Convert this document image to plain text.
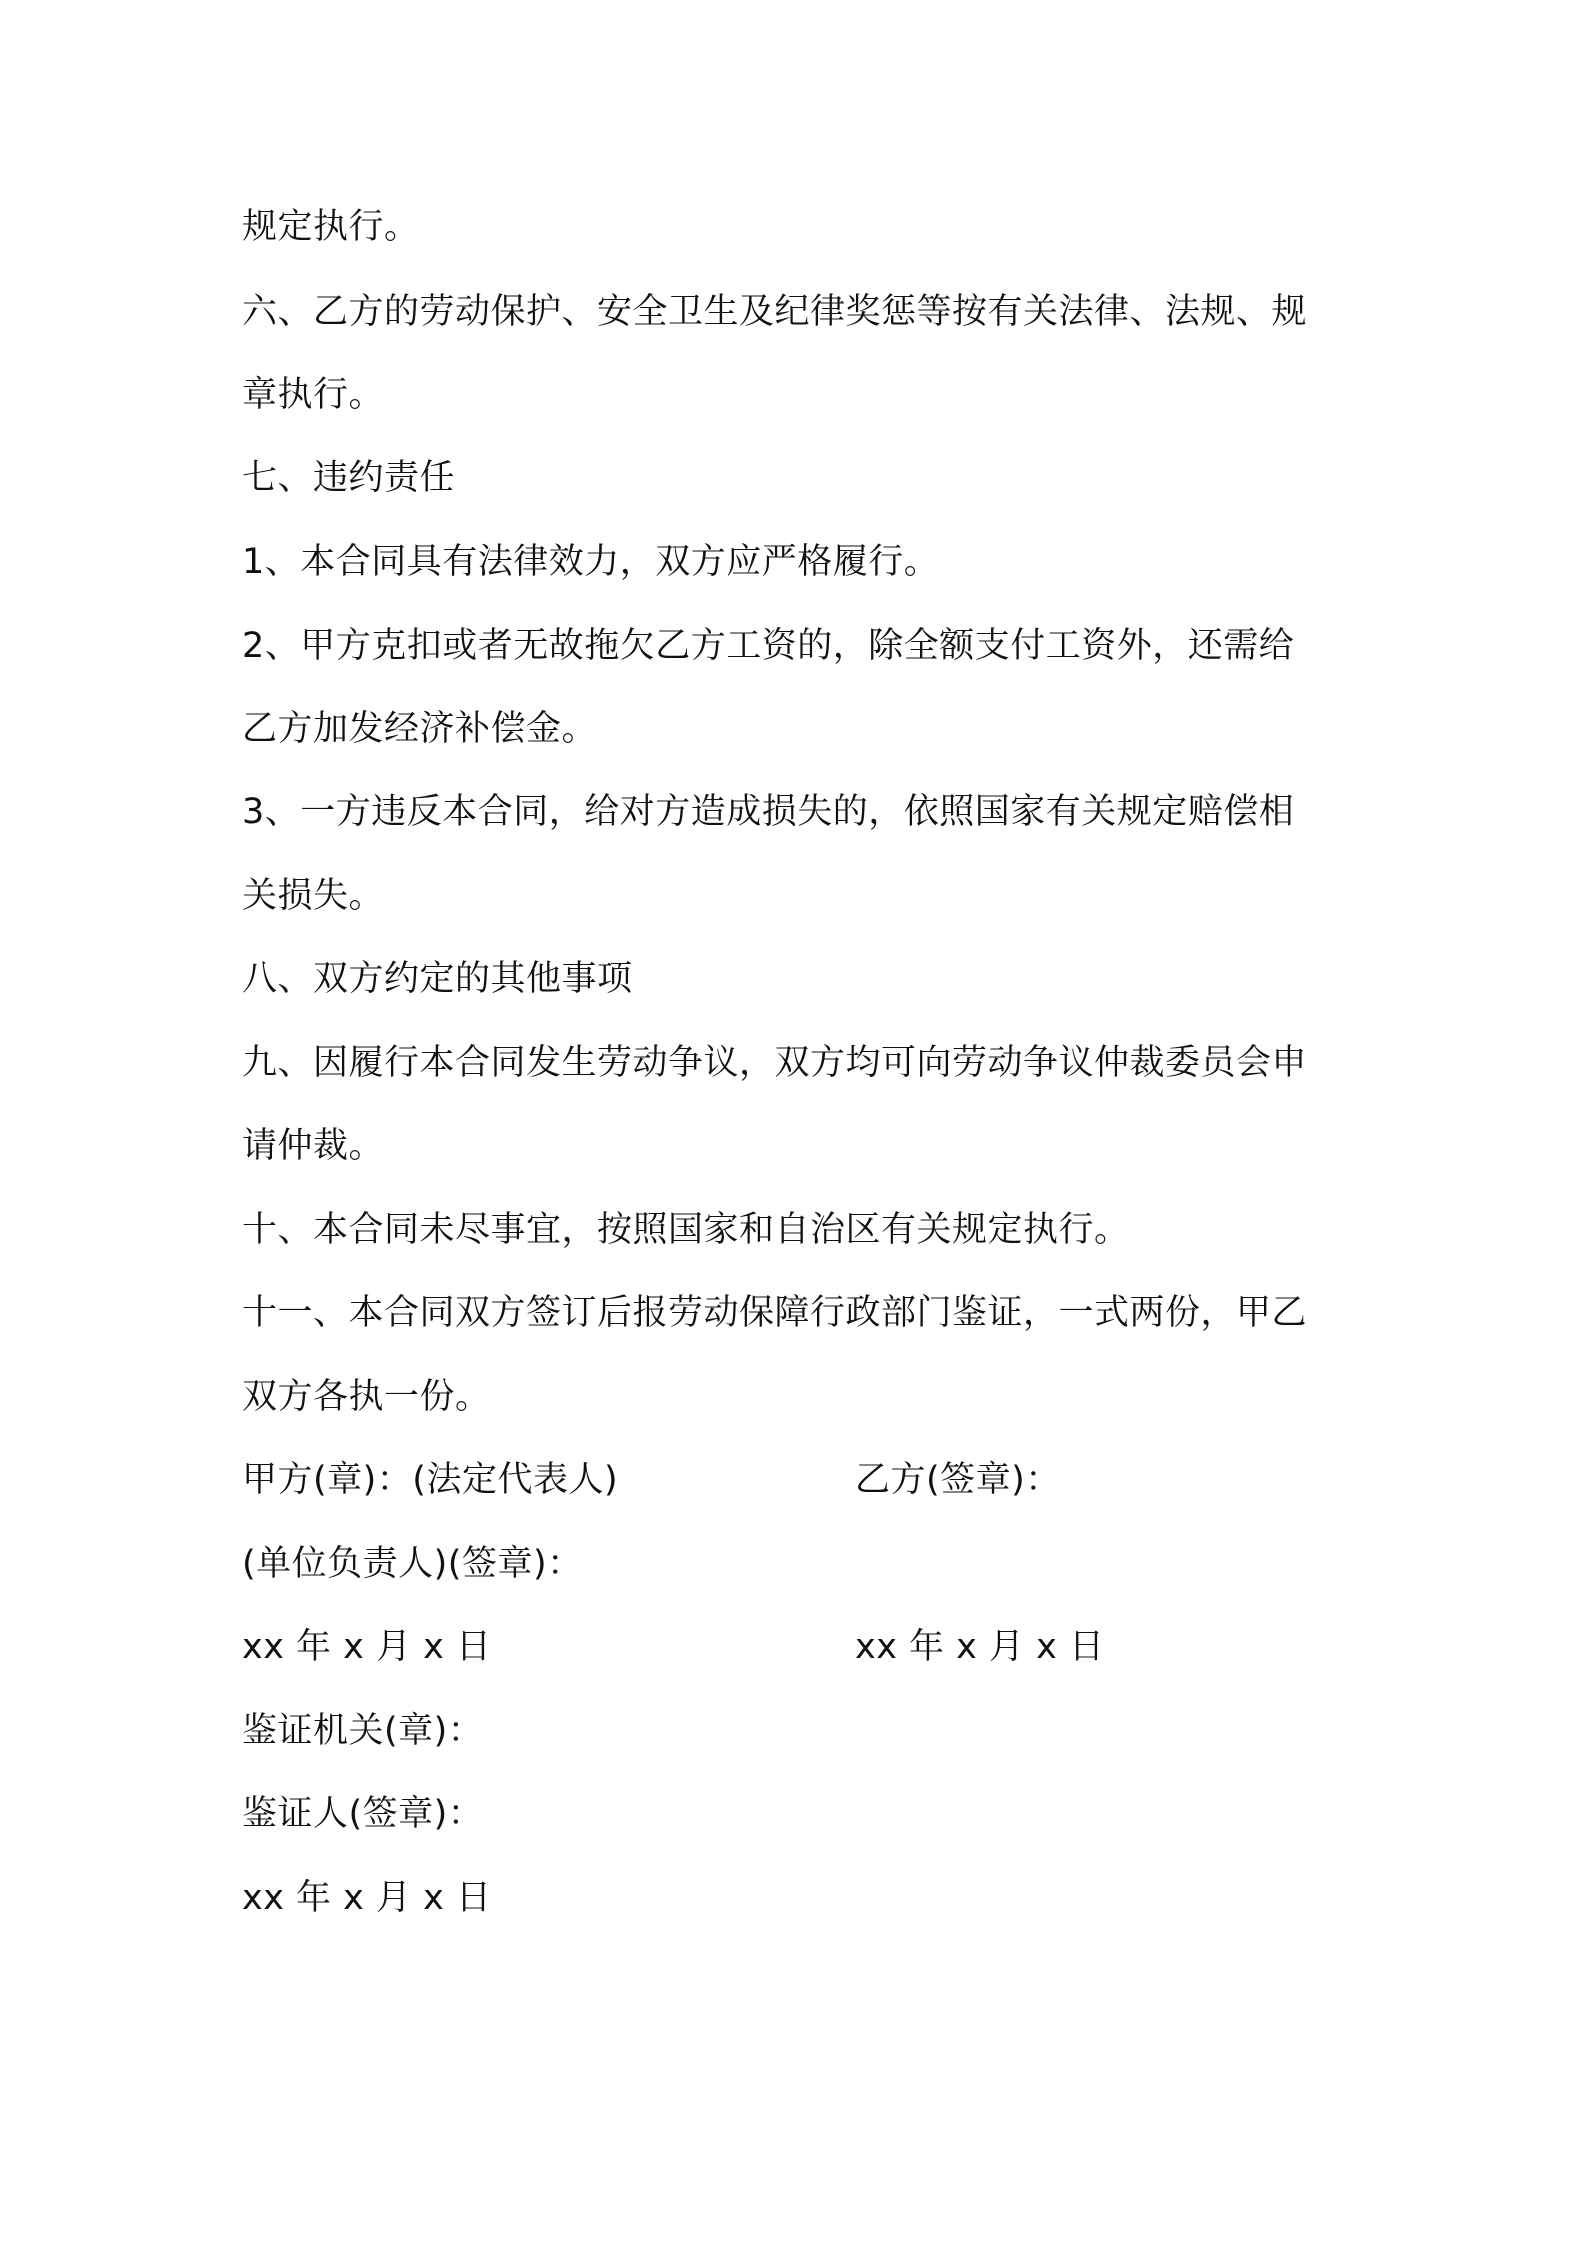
规定执行。
六、乙方的劳动保护、安全卫生及纪律奖惩等按有关法律、法规、规
章执行。
七、违约责任
1、本合同具有法律效力，双方应严格履行。
2、甲方克扣或者无故拖欠乙方工资的，除全额支付工资外，还需给
乙方加发经济补偿金。
3、一方违反本合同，给对方造成损失的，依照国家有关规定赔偿相
关损失。
八、双方约定的其他事项
九、因履行本合同发生劳动争议，双方均可向劳动争议仲裁委员会申
请仲裁。
十、本合同未尽事宜，按照国家和自治区有关规定执行。
十一、本合同双方签订后报劳动保障行政部门鉴证，一式两份，甲乙
双方各执一份。
甲方(章)：(法定代表人)	乙方(签章)：
(单位负责人)(签章)：
xx 年 x 月 x 日	xx 年 x 月 x 日
鉴证机关(章)：
鉴证人(签章)：
xx 年 x 月 x 日
